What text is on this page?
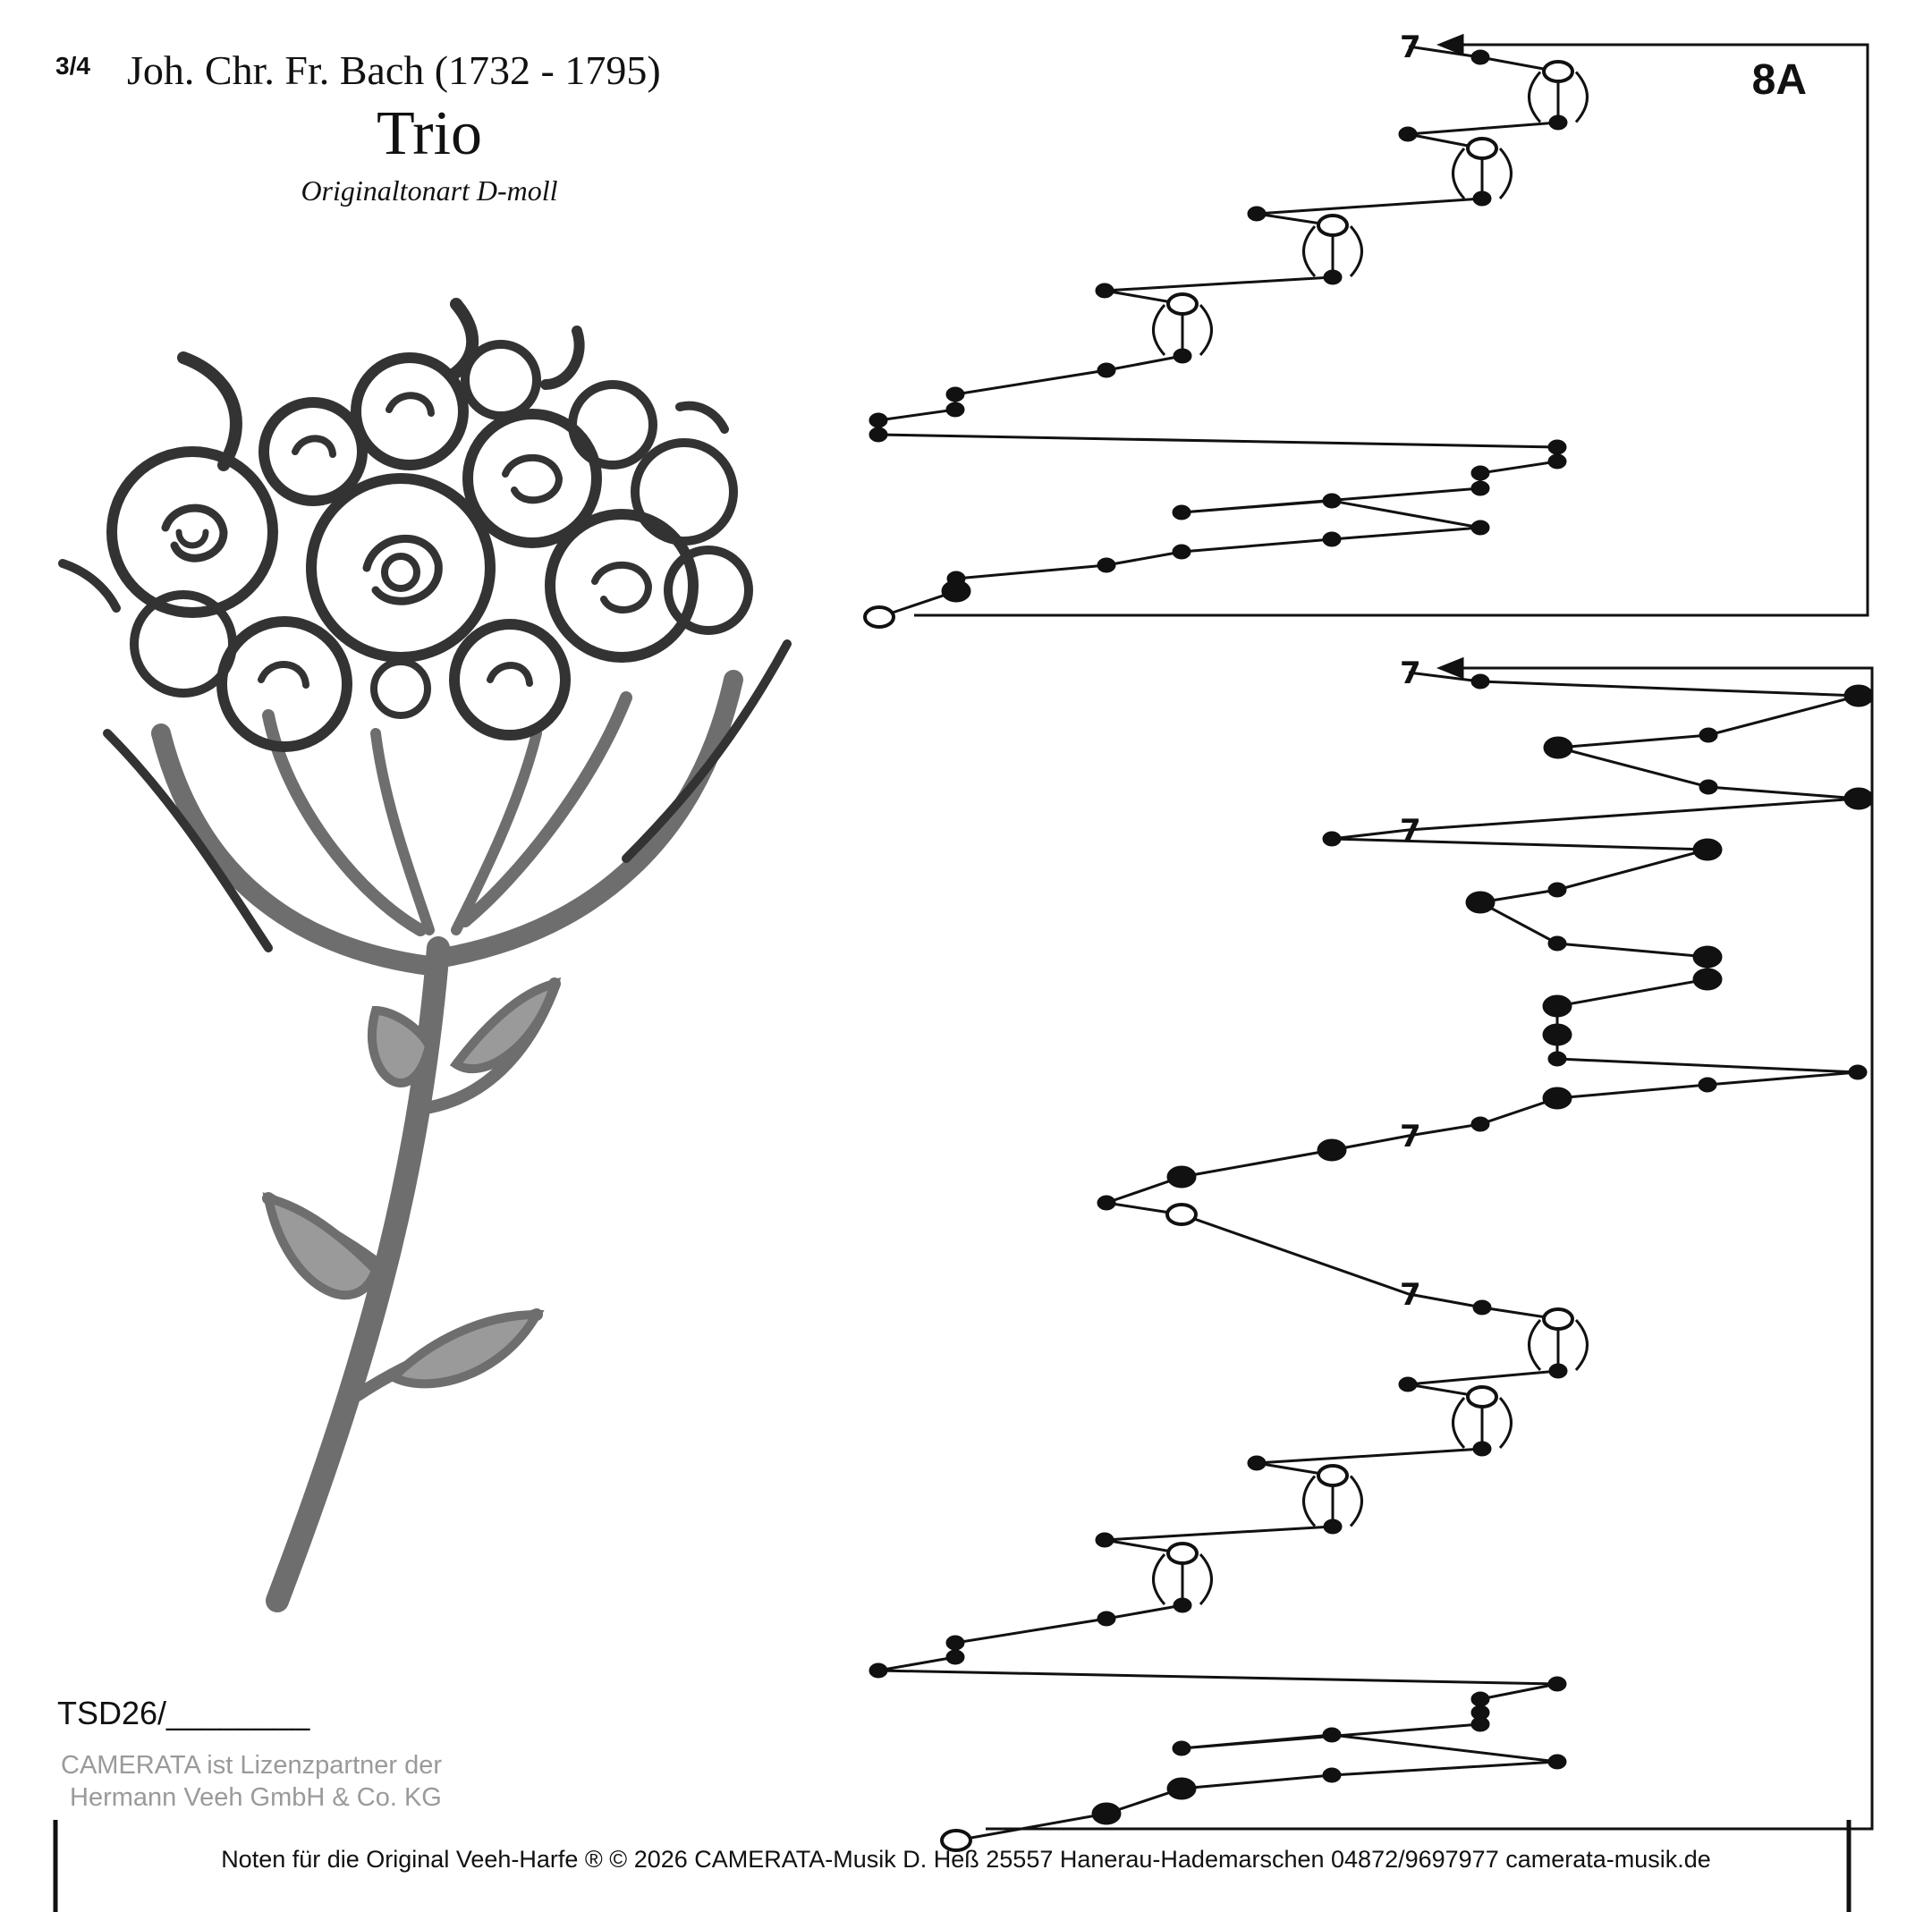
3/4 Joh. Chr. Fr. Bach (1732 - 1795)
Trio
Originaltonart D-moll
8A
7
7
7
7
7
TSD26/________
CAMERATA ist Lizenzpartner der
Hermann Veeh GmbH & Co. KG
Noten für die Original Veeh-Harfe ® © 2026 CAMERATA-Musik D. Heß 25557 Hanerau-Hademarschen 04872/9697977 camerata-musik.de
